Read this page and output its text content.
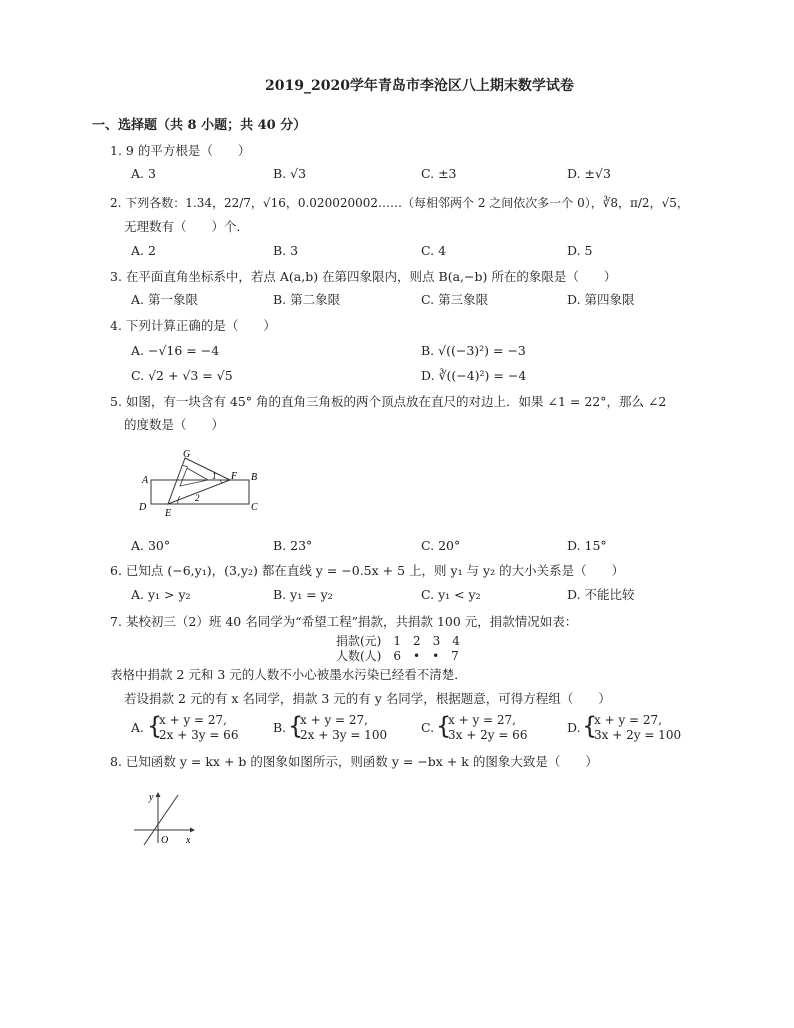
2019_2020学年青岛市李沧区八上期末数学试卷
一、选择题（共 8 小题；共 40 分）
1. 9 的平方根是（　　）
A. 3	B. √3	C. ±3	D. ±√3
2. 下列各数：1.34，22/7，√16，0.020020002……（每相邻两个 2 之间依次多一个 0），∛8，π/2，√5，
无理数有（　　）个．
A. 2	B. 3	C. 4	D. 5
3. 在平面直角坐标系中，若点 A(a,b) 在第四象限内，则点 B(a,−b) 所在的象限是（　　）
A. 第一象限	B. 第二象限	C. 第三象限	D. 第四象限
4. 下列计算正确的是（　　）
A. −√16 = −4	B. √((−3)²) = −3
C. √2 + √3 = √5	D. ∛((−4)²) = −4
5. 如图，有一块含有 45° 角的直角三角板的两个顶点放在直尺的对边上．如果 ∠1 = 22°，那么 ∠2
的度数是（　　）
G
A	F B
D
E
C
1
2
A. 30°	B. 23°	C. 20°	D. 15°
6. 已知点 (−6,y₁)，(3,y₂) 都在直线 y = −0.5x + 5 上，则 y₁ 与 y₂ 的大小关系是（　　）
A. y₁ > y₂	B. y₁ = y₂	C. y₁ < y₂	D. 不能比较
7. 某校初三（2）班 40 名同学为“希望工程”捐款，共捐款 100 元，捐款情况如表：
捐款(元)　1　2　3　4
人数(人)　6　•　•　7
表格中捐款 2 元和 3 元的人数不小心被墨水污染已经看不清楚．
若设捐款 2 元的有 x 名同学，捐款 3 元的有 y 名同学，根据题意，可得方程组（　　）
A. {
x + y = 27,
2x + 3y = 66	B. {
x + y = 27,
2x + 3y = 100	C. {
x + y = 27,
3x + 2y = 66	D. {
x + y = 27,
3x + 2y = 100
8. 已知函数 y = kx + b 的图象如图所示，则函数 y = −bx + k 的图象大致是（　　）
y
O x
